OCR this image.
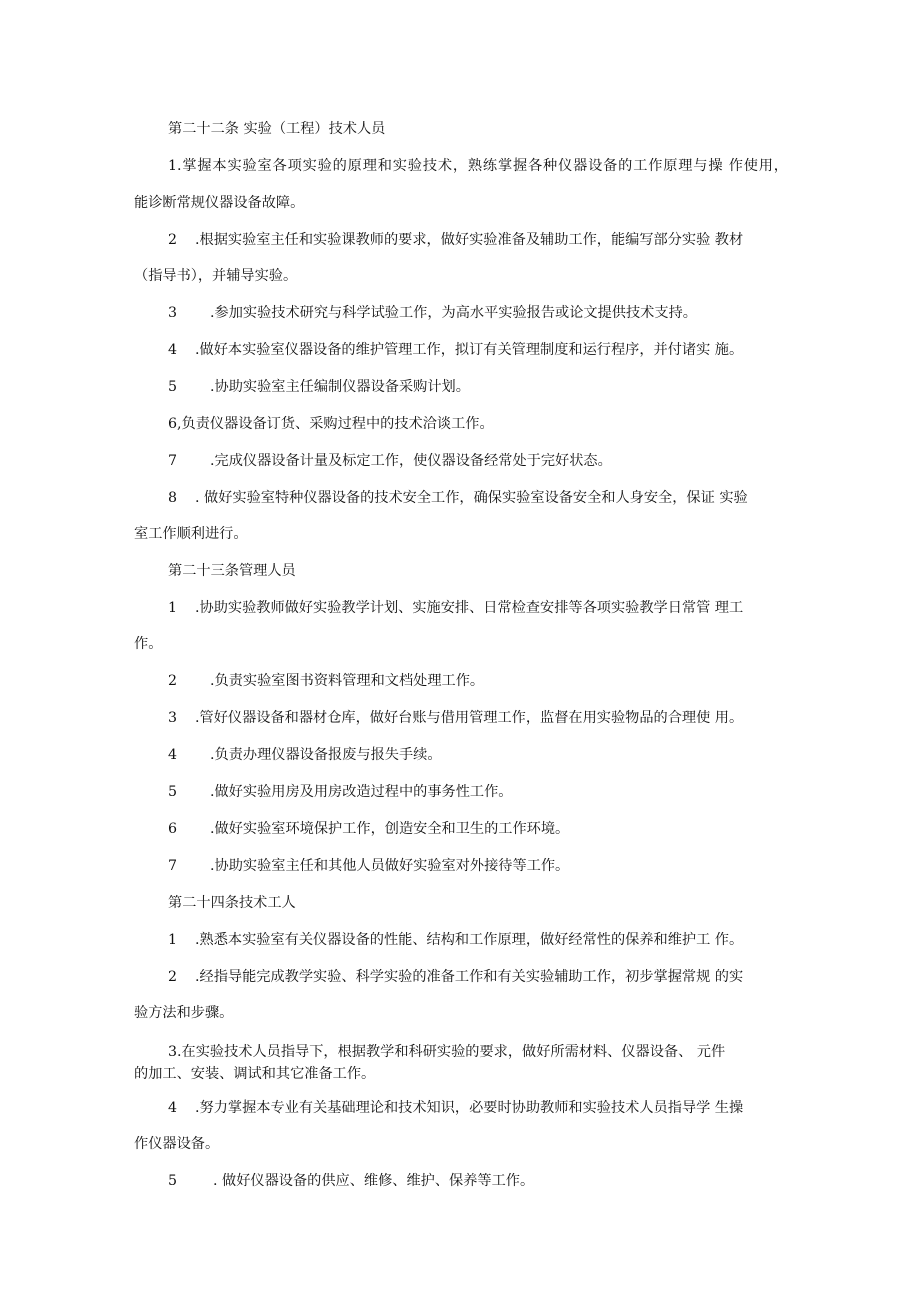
第二十二条 实验（工程）技术人员

1.掌握本实验室各项实验的原理和实验技术，熟练掌握各种仪器设备的工作原理与操 作使用，

能诊断常规仪器设备故障。

2 .根据实验室主任和实验课教师的要求，做好实验准备及辅助工作，能编写部分实验 教材

（指导书），并辅导实验。

3 .参加实验技术研究与科学试验工作，为高水平实验报告或论文提供技术支持。

4 .做好本实验室仪器设备的维护管理工作，拟订有关管理制度和运行程序，并付诸实 施。

5 .协助实验室主任编制仪器设备采购计划。

6,负责仪器设备订货、采购过程中的技术洽谈工作。

7 .完成仪器设备计量及标定工作，使仪器设备经常处于完好状态。

8 . 做好实验室特种仪器设备的技术安全工作，确保实验室设备安全和人身安全，保证 实验

室工作顺利进行。

第二十三条管理人员

1 .协助实验教师做好实验教学计划、实施安排、日常检查安排等各项实验教学日常管 理工

作。

2 .负责实验室图书资料管理和文档处理工作。

3 .管好仪器设备和器材仓库，做好台账与借用管理工作，监督在用实验物品的合理使 用。

4 .负责办理仪器设备报废与报失手续。

5 .做好实验用房及用房改造过程中的事务性工作。

6 .做好实验室环境保护工作，创造安全和卫生的工作环境。

7 .协助实验室主任和其他人员做好实验室对外接待等工作。

第二十四条技术工人

1 .熟悉本实验室有关仪器设备的性能、结构和工作原理，做好经常性的保养和维护工 作。

2 .经指导能完成教学实验、科学实验的准备工作和有关实验辅助工作，初步掌握常规 的实

验方法和步骤。

3.在实验技术人员指导下，根据教学和科研实验的要求，做好所需材料、仪器设备、 元件

的加工、安装、调试和其它准备工作。

4 .努力掌握本专业有关基础理论和技术知识，必要时协助教师和实验技术人员指导学 生操

作仪器设备。

5	. 做好仪器设备的供应、维修、维护、保养等工作。
